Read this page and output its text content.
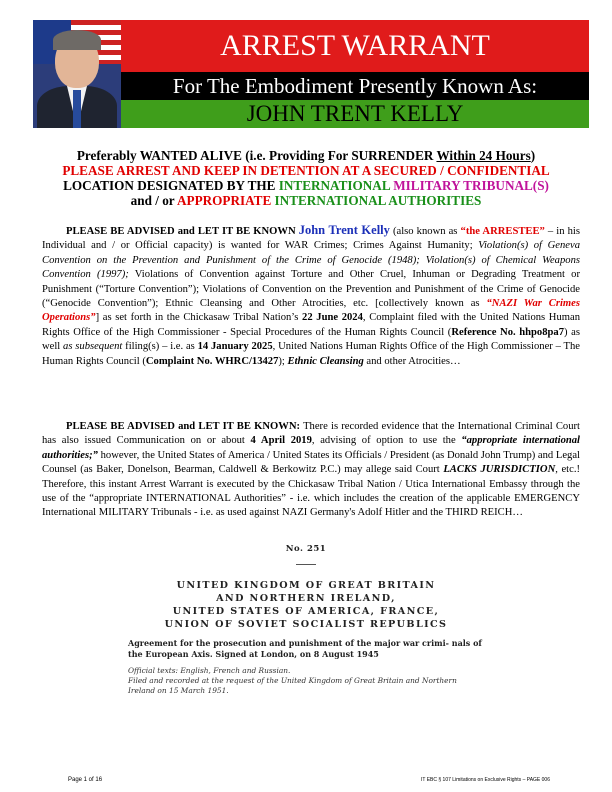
ARREST WARRANT
For The Embodiment Presently Known As:
JOHN TRENT KELLY
Preferably WANTED ALIVE (i.e. Providing For SURRENDER Within 24 Hours)
PLEASE ARREST AND KEEP IN DETENTION AT A SECURED / CONFIDENTIAL
LOCATION DESIGNATED BY THE INTERNATIONAL MILITARY TRIBUNAL(S)
and / or APPROPRIATE INTERNATIONAL AUTHORITIES
PLEASE BE ADVISED and LET IT BE KNOWN John Trent Kelly (also known as “the ARRESTEE” – in his Individual and / or Official capacity) is wanted for WAR Crimes; Crimes Against Humanity; Violation(s) of Geneva Convention on the Prevention and Punishment of the Crime of Genocide (1948); Violation(s) of Chemical Weapons Convention (1997); Violations of Convention against Torture and Other Cruel, Inhuman or Degrading Treatment or Punishment (“Torture Convention”); Violations of Convention on the Prevention and Punishment of the Crime of Genocide (“Genocide Convention”); Ethnic Cleansing and Other Atrocities, etc. [collectively known as “NAZI War Crimes Operations”] as set forth in the Chickasaw Tribal Nation’s 22 June 2024, Complaint filed with the United Nations Human Rights Office of the High Commissioner - Special Procedures of the Human Rights Council (Reference No. hhpo8pa7) as well as subsequent filing(s) – i.e. as 14 January 2025, United Nations Human Rights Office of the High Commissioner – The Human Rights Council (Complaint No. WHRC/13427); Ethnic Cleansing and other Atrocities…
PLEASE BE ADVISED and LET IT BE KNOWN: There is recorded evidence that the International Criminal Court has also issued Communication on or about 4 April 2019, advising of option to use the “appropriate international authorities;” however, the United States of America / United States its Officials / President (as Donald John Trump) and Legal Counsel (as Baker, Donelson, Bearman, Caldwell & Berkowitz P.C.) may allege said Court LACKS JURISDICTION, etc.! Therefore, this instant Arrest Warrant is executed by the Chickasaw Tribal Nation / Utica International Embassy through the use of the “appropriate INTERNATIONAL Authorities” - i.e. which includes the creation of the applicable EMERGENCY International MILITARY Tribunals - i.e. as used against NAZI Germany's Adolf Hitler and the THIRD REICH…
No. 251
UNITED KINGDOM OF GREAT BRITAIN
AND NORTHERN IRELAND,
UNITED STATES OF AMERICA, FRANCE,
UNION OF SOVIET SOCIALIST REPUBLICS
Agreement for the prosecution and punishment of the major war crimi- nals of the European Axis. Signed at London, on 8 August 1945
Official texts: English, French and Russian.
Filed and recorded at the request of the United Kingdom of Great Britain and Northern Ireland on 15 March 1951.
Page 1 of 16	IT EBC § 107 Limitations on Exclusive Rights – PAGE 006
